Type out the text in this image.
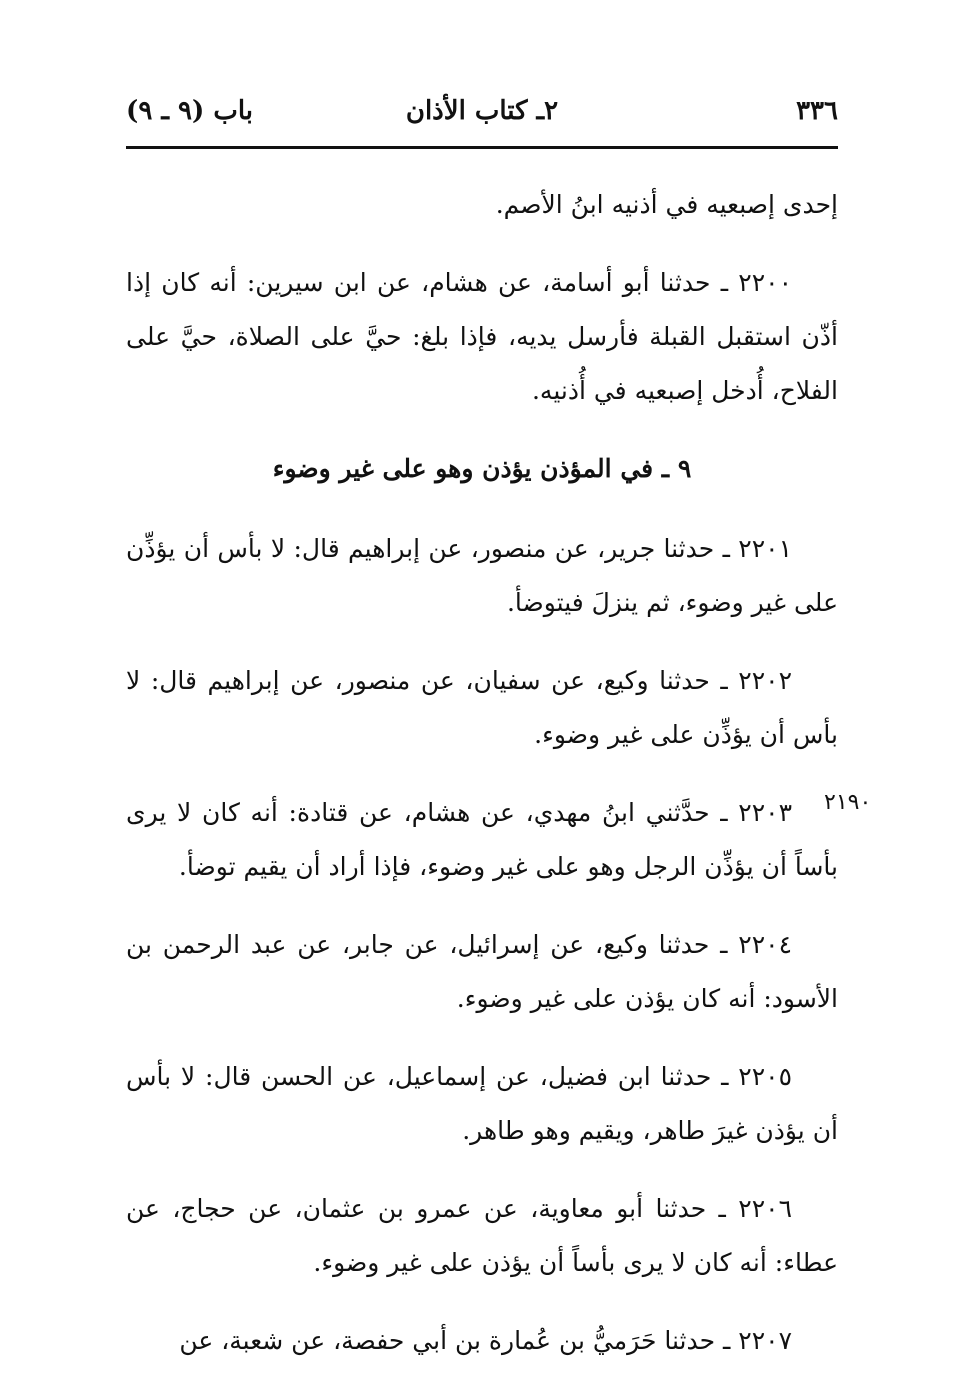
٣٣٦
٢ـ كتاب الأذان
باب (٩ ـ ٩)

إحدى إصبعيه في أذنيه ابنُ الأصم.

٢٢٠٠ ـ حدثنا أبو أسامة، عن هشام، عن ابن سيرين: أنه كان إذا أذّن استقبل القبلة فأرسل يديه، فإذا بلغ: حيَّ على الصلاة، حيَّ على الفلاح، أُدخل إصبعيه في أُذنيه.

٩ ـ في المؤذن يؤذن وهو على غير وضوء

٢٢٠١ ـ حدثنا جرير، عن منصور، عن إبراهيم قال: لا بأس أن يؤذِّن على غير وضوء، ثم ينزلَ فيتوضأ.

٢٢٠٢ ـ حدثنا وكيع، عن سفيان، عن منصور، عن إبراهيم قال: لا بأس أن يؤذِّن على غير وضوء.

٢٢٠٣ ـ حدَّثني ابنُ مهدي، عن هشام، عن قتادة: أنه كان لا يرى بأساً أن يؤذِّن الرجل وهو على غير وضوء، فإذا أراد أن يقيم توضأ.

٢٢٠٤ ـ حدثنا وكيع، عن إسرائيل، عن جابر، عن عبد الرحمن بن الأسود: أنه كان يؤذن على غير وضوء.

٢٢٠٥ ـ حدثنا ابن فضيل، عن إسماعيل، عن الحسن قال: لا بأس أن يؤذن غيرَ طاهر، ويقيم وهو طاهر.

٢٢٠٦ ـ حدثنا أبو معاوية، عن عمرو بن عثمان، عن حجاج، عن عطاء: أنه كان لا يرى بأساً أن يؤذن على غير وضوء.

٢٢٠٧ ـ حدثنا حَرَميُّ بن عُمارة بن أبي حفصة، عن شعبة، عن

٢١٩٠
